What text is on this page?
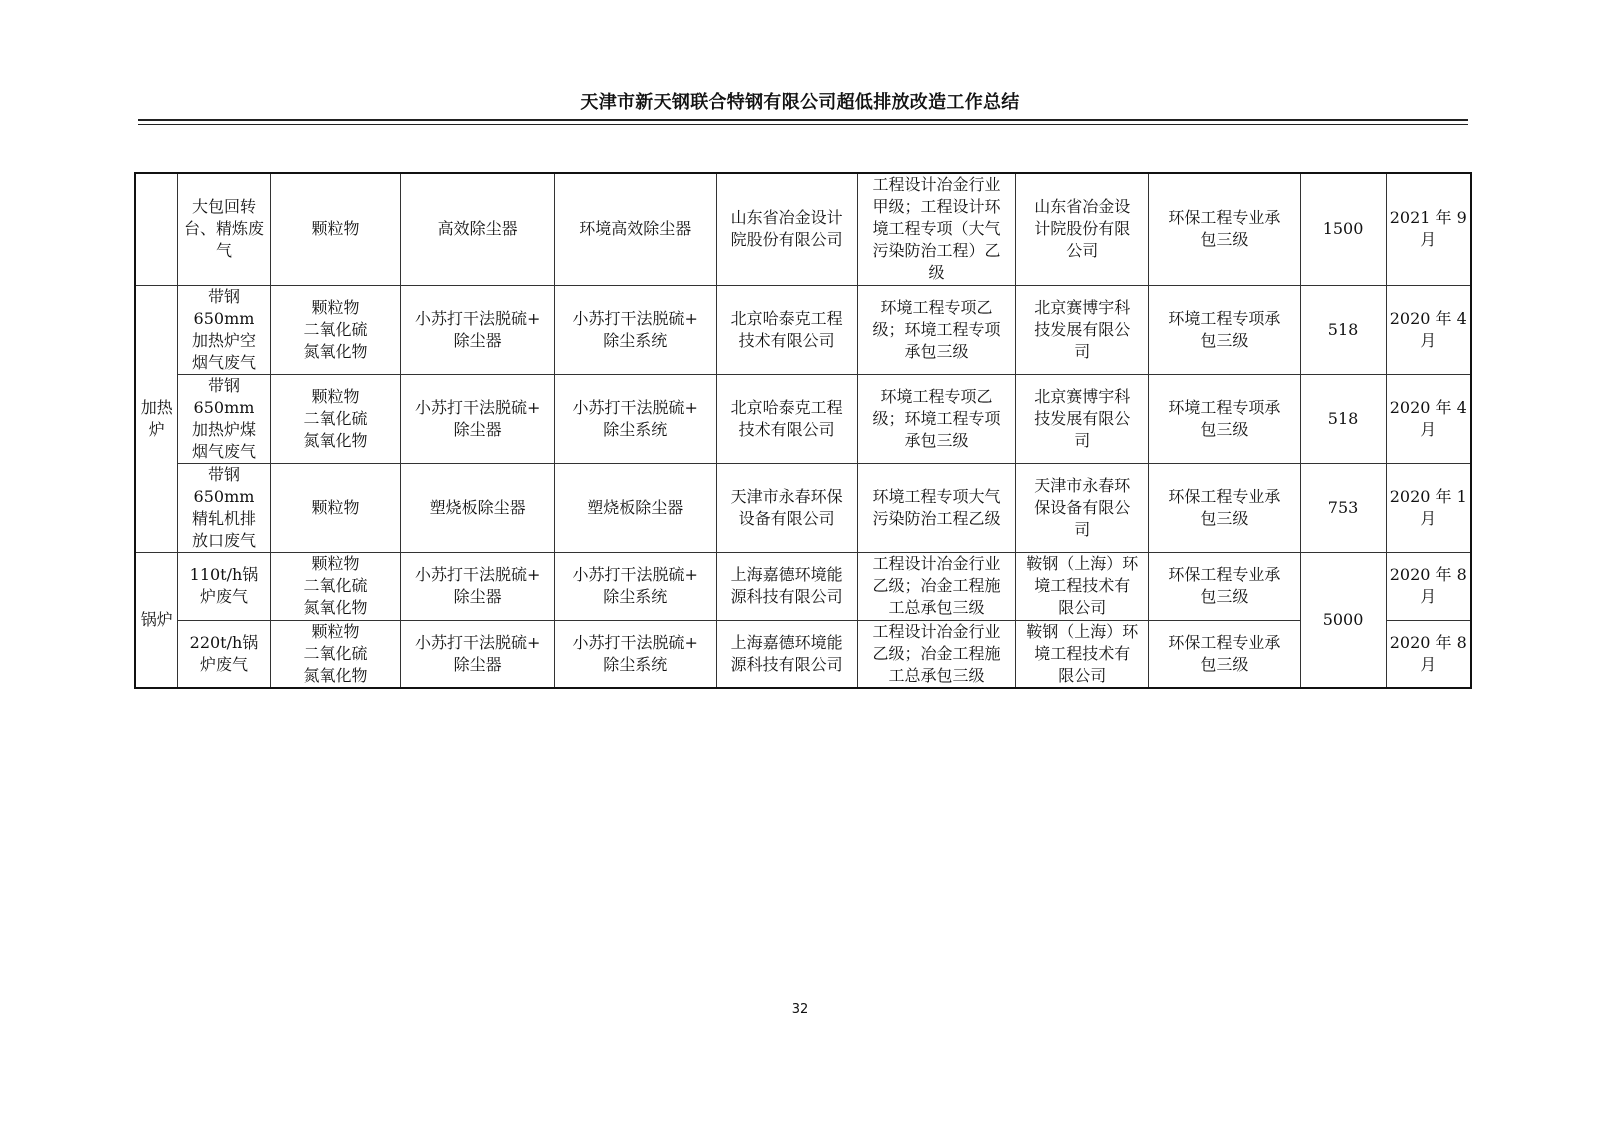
天津市新天钢联合特钢有限公司超低排放改造工作总结

	大包回转
台、精炼废
气	颗粒物	高效除尘器	环境高效除尘器	山东省冶金设计
院股份有限公司	工程设计冶金行业
甲级；工程设计环
境工程专项（大气
污染防治工程）乙
级	山东省冶金设
计院股份有限
公司	环保工程专业承
包三级	1500	2021 年 9
月

加热
炉	带钢 650mm
加热炉空
烟气废气	颗粒物
二氧化硫
氮氧化物	小苏打干法脱硫+
除尘器	小苏打干法脱硫+
除尘系统	北京哈泰克工程
技术有限公司	环境工程专项乙
级；环境工程专项
承包三级	北京赛博宇科
技发展有限公
司	环境工程专项承
包三级	518	2020 年 4
月

	带钢 650mm
加热炉煤
烟气废气	颗粒物
二氧化硫
氮氧化物	小苏打干法脱硫+
除尘器	小苏打干法脱硫+
除尘系统	北京哈泰克工程
技术有限公司	环境工程专项乙
级；环境工程专项
承包三级	北京赛博宇科
技发展有限公
司	环境工程专项承
包三级	518	2020 年 4
月

	带钢 650mm
精轧机排
放口废气	颗粒物	塑烧板除尘器	塑烧板除尘器	天津市永春环保
设备有限公司	环境工程专项大气
污染防治工程乙级	天津市永春环
保设备有限公
司	环保工程专业承
包三级	753	2020 年 1
月

锅炉	110t/h锅
炉废气	颗粒物
二氧化硫
氮氧化物	小苏打干法脱硫+
除尘器	小苏打干法脱硫+
除尘系统	上海嘉德环境能
源科技有限公司	工程设计冶金行业
乙级；冶金工程施
工总承包三级	鞍钢（上海）环
境工程技术有
限公司	环保工程专业承
包三级	5000	2020 年 8
月

	220t/h锅
炉废气	颗粒物
二氧化硫
氮氧化物	小苏打干法脱硫+
除尘器	小苏打干法脱硫+
除尘系统	上海嘉德环境能
源科技有限公司	工程设计冶金行业
乙级；冶金工程施
工总承包三级	鞍钢（上海）环
境工程技术有
限公司	环保工程专业承
包三级		2020 年 8
月
32
